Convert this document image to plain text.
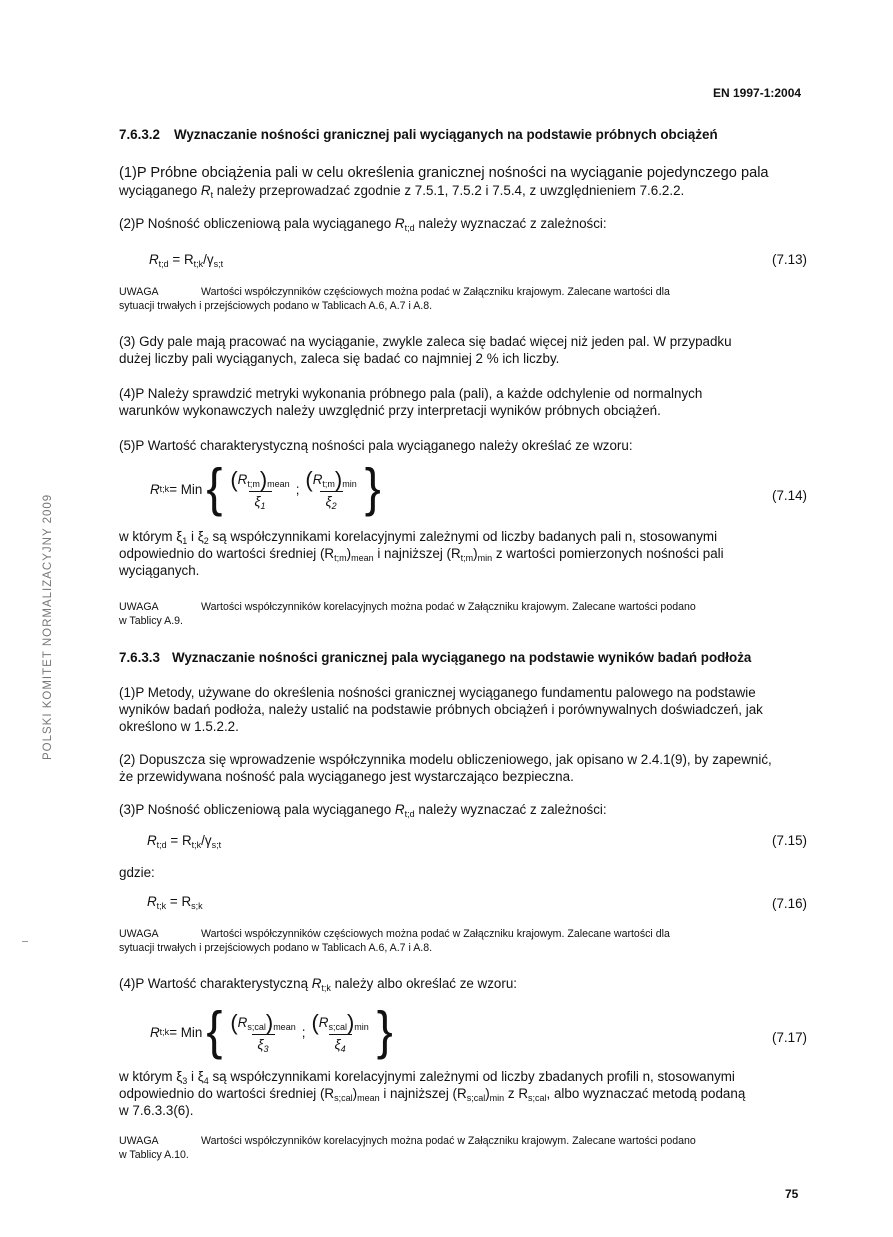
EN 1997-1:2004
POLSKI KOMITET NORMALIZACYJNY 2009
7.6.3.2 Wyznaczanie nośności granicznej pali wyciąganych na podstawie próbnych obciążeń
(1)P Próbne obciążenia pali w celu określenia granicznej nośności na wyciąganie pojedynczego pala
wyciąganego $R_t$ należy przeprowadzać zgodnie z 7.5.1, 7.5.2 i 7.5.4, z uwzględnieniem 7.6.2.2.
(2)P Nośność obliczeniową pala wyciąganego $R_{t;d}$ należy wyznaczać z zależności:
$R_{t;d} = R_{t;k}/\gamma_{s;t}$	(7.13)
UWAGA	Wartości współczynników częściowych można podać w Załączniku krajowym. Zalecane wartości dla
sytuacji trwałych i przejściowych podano w Tablicach A.6, A.7 i A.8.
(3) Gdy pale mają pracować na wyciąganie, zwykle zaleca się badać więcej niż jeden pal. W przypadku
dużej liczby pali wyciąganych, zaleca się badać co najmniej 2 % ich liczby.
(4)P Należy sprawdzić metryki wykonania próbnego pala (pali), a każde odchylenie od normalnych
warunków wykonawczych należy uwzględnić przy interpretacji wyników próbnych obciążeń.
(5)P Wartość charakterystyczną nośności pala wyciąganego należy określać ze wzoru:
R t;k = Min { $\frac{(R_{t;m})_{mean}}{\xi_1}$ ; $\frac{(R_{t;m})_{min}}{\xi_2}$ }	(7.14)
w którym $\xi_1$ i $\xi_2$ są współczynnikami korelacyjnymi zależnymi od liczby badanych pali n, stosowanymi
odpowiednio do wartości średniej $(R_{t;m})_{mean}$ i najniższej $(R_{t;m})_{min}$ z wartości pomierzonych nośności pali
wyciąganych.
UWAGA	Wartości współczynników korelacyjnych można podać w Załączniku krajowym. Zalecane wartości podano
w Tablicy A.9.
7.6.3.3 Wyznaczanie nośności granicznej pala wyciąganego na podstawie wyników badań podłoża
(1)P Metody, używane do określenia nośności granicznej wyciąganego fundamentu palowego na podstawie
wyników badań podłoża, należy ustalić na podstawie próbnych obciążeń i porównywalnych doświadczeń, jak
określono w 1.5.2.2.
(2) Dopuszcza się wprowadzenie współczynnika modelu obliczeniowego, jak opisano w 2.4.1(9), by zapewnić,
że przewidywana nośność pala wyciąganego jest wystarczająco bezpieczna.
(3)P Nośność obliczeniową pala wyciąganego $R_{t;d}$ należy wyznaczać z zależności:
$R_{t;d} = R_{t;k}/\gamma_{s;t}$	(7.15)
gdzie:
$R_{t;k} = R_{s;k}$	(7.16)
UWAGA	Wartości współczynników częściowych można podać w Załączniku krajowym. Zalecane wartości dla
sytuacji trwałych i przejściowych podano w Tablicach A.6, A.7 i A.8.
(4)P Wartość charakterystyczną $R_{t;k}$ należy albo określać ze wzoru:
R t;k = Min { $\frac{(R_{s;cal})_{mean}}{\xi_3}$ ; $\frac{(R_{s;cal})_{min}}{\xi_4}$ }	(7.17)
w którym $\xi_3$ i $\xi_4$ są współczynnikami korelacyjnymi zależnymi od liczby zbadanych profili n, stosowanymi
odpowiednio do wartości średniej $(R_{s;cal})_{mean}$ i najniższej $(R_{s;cal})_{min}$ z $R_{s;cal}$, albo wyznaczać metodą podaną
w 7.6.3.3(6).
UWAGA	Wartości współczynników korelacyjnych można podać w Załączniku krajowym. Zalecane wartości podano
w Tablicy A.10.
75
